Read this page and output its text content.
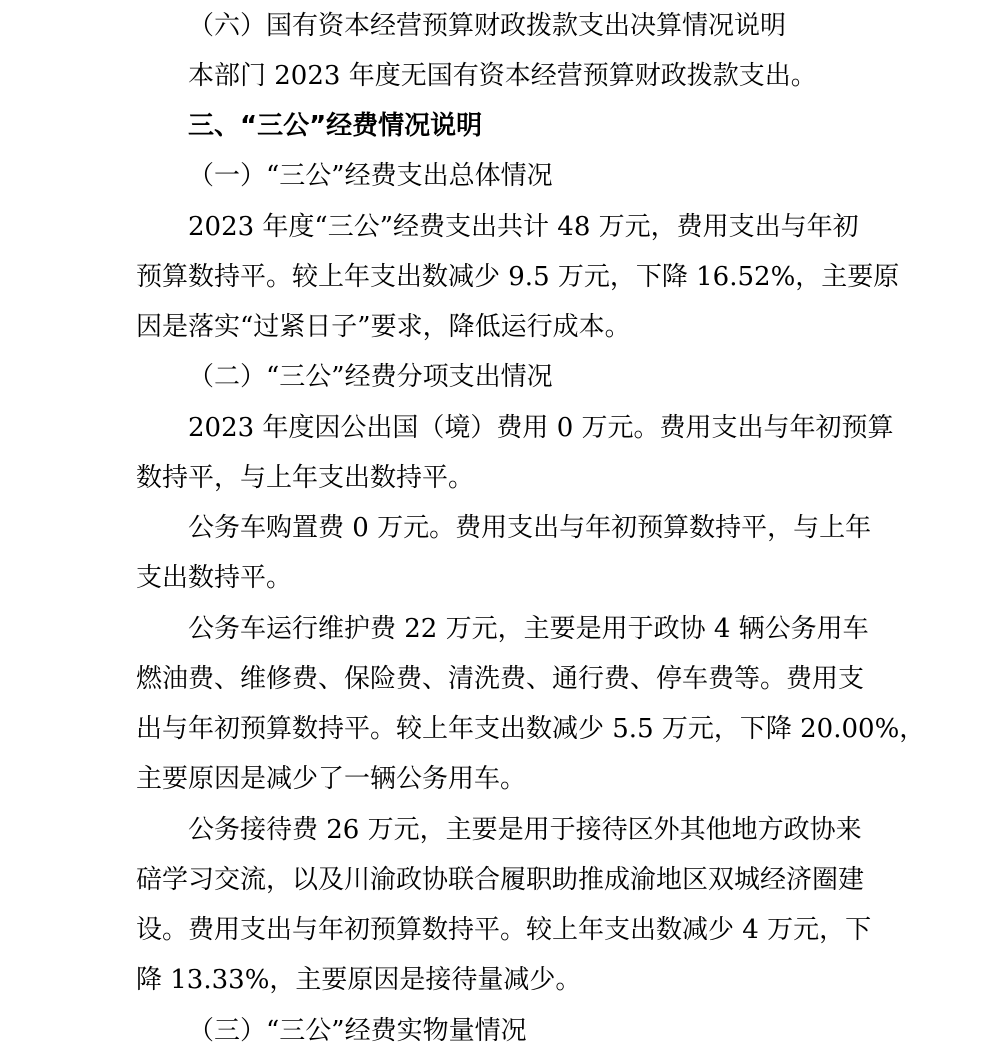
（六）国有资本经营预算财政拨款支出决算情况说明
本部门 2023 年度无国有资本经营预算财政拨款支出。
三、“三公”经费情况说明
（一）“三公”经费支出总体情况
2023 年度“三公”经费支出共计 48 万元，费用支出与年初
预算数持平。较上年支出数减少 9.5 万元，下降 16.52%，主要原
因是落实“过紧日子”要求，降低运行成本。
（二）“三公”经费分项支出情况
2023 年度因公出国（境）费用 0 万元。费用支出与年初预算
数持平，与上年支出数持平。
公务车购置费 0 万元。费用支出与年初预算数持平，与上年
支出数持平。
公务车运行维护费 22 万元，主要是用于政协 4 辆公务用车
燃油费、维修费、保险费、清洗费、通行费、停车费等。费用支
出与年初预算数持平。较上年支出数减少 5.5 万元，下降 20.00%，
主要原因是减少了一辆公务用车。
公务接待费 26 万元，主要是用于接待区外其他地方政协来
碚学习交流，以及川渝政协联合履职助推成渝地区双城经济圈建
设。费用支出与年初预算数持平。较上年支出数减少 4 万元，下
降 13.33%，主要原因是接待量减少。
（三）“三公”经费实物量情况
